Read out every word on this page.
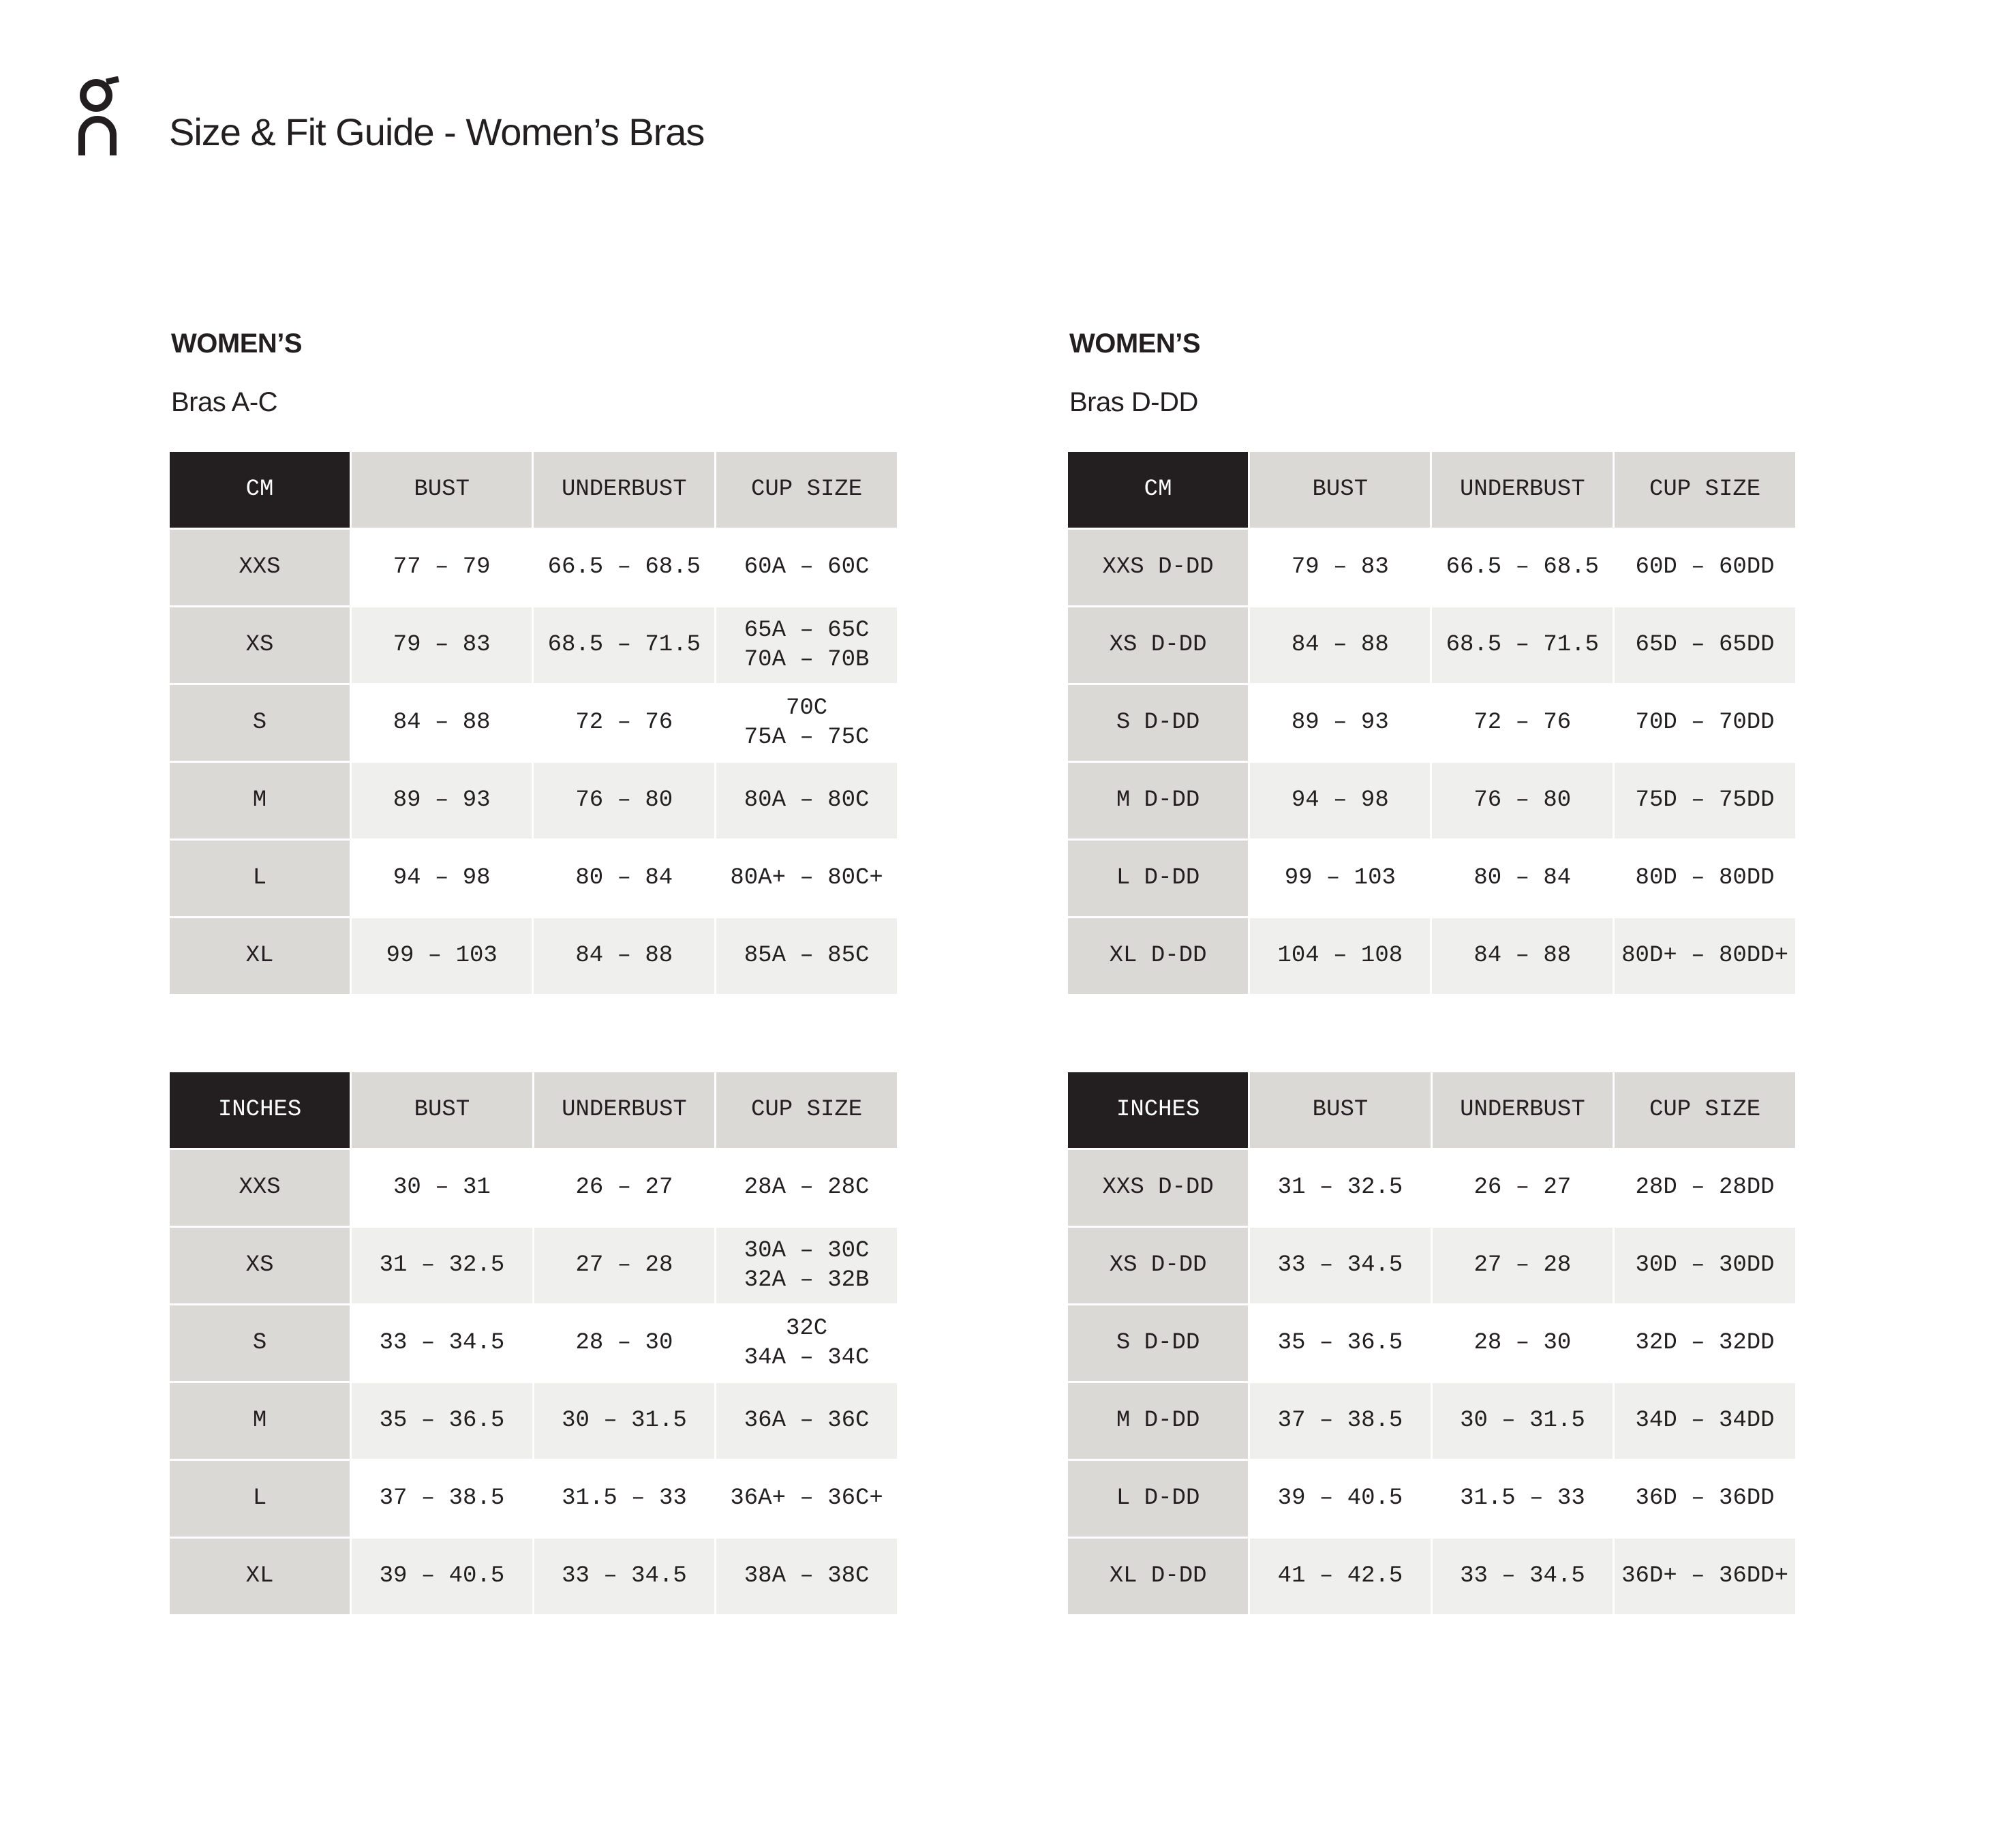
Size & Fit Guide - Women’s Bras
WOMEN’S

Bras A-C

CM	BUST	UNDERBUST	CUP SIZE
XXS	77 – 79	66.5 – 68.5	60A – 60C
XS	79 – 83	68.5 – 71.5	65A – 65C
70A – 70B
S	84 – 88	72 – 76	70C
75A – 75C
M	89 – 93	76 – 80	80A – 80C
L	94 – 98	80 – 84	80A+ – 80C+
XL	99 – 103	84 – 88	85A – 85C
INCHES	BUST	UNDERBUST	CUP SIZE
XXS	30 – 31	26 – 27	28A – 28C
XS	31 – 32.5	27 – 28	30A – 30C
32A – 32B
S	33 – 34.5	28 – 30	32C
34A – 34C
M	35 – 36.5	30 – 31.5	36A – 36C
L	37 – 38.5	31.5 – 33	36A+ – 36C+
XL	39 – 40.5	33 – 34.5	38A – 38C
WOMEN’S

Bras D-DD

CM	BUST	UNDERBUST	CUP SIZE
XXS D-DD	79 – 83	66.5 – 68.5	60D – 60DD
XS D-DD	84 – 88	68.5 – 71.5	65D – 65DD
S D-DD	89 – 93	72 – 76	70D – 70DD
M D-DD	94 – 98	76 – 80	75D – 75DD
L D-DD	99 – 103	80 – 84	80D – 80DD
XL D-DD	104 – 108	84 – 88	80D+ – 80DD+
INCHES	BUST	UNDERBUST	CUP SIZE
XXS D-DD	31 – 32.5	26 – 27	28D – 28DD
XS D-DD	33 – 34.5	27 – 28	30D – 30DD
S D-DD	35 – 36.5	28 – 30	32D – 32DD
M D-DD	37 – 38.5	30 – 31.5	34D – 34DD
L D-DD	39 – 40.5	31.5 – 33	36D – 36DD
XL D-DD	41 – 42.5	33 – 34.5	36D+ – 36DD+
